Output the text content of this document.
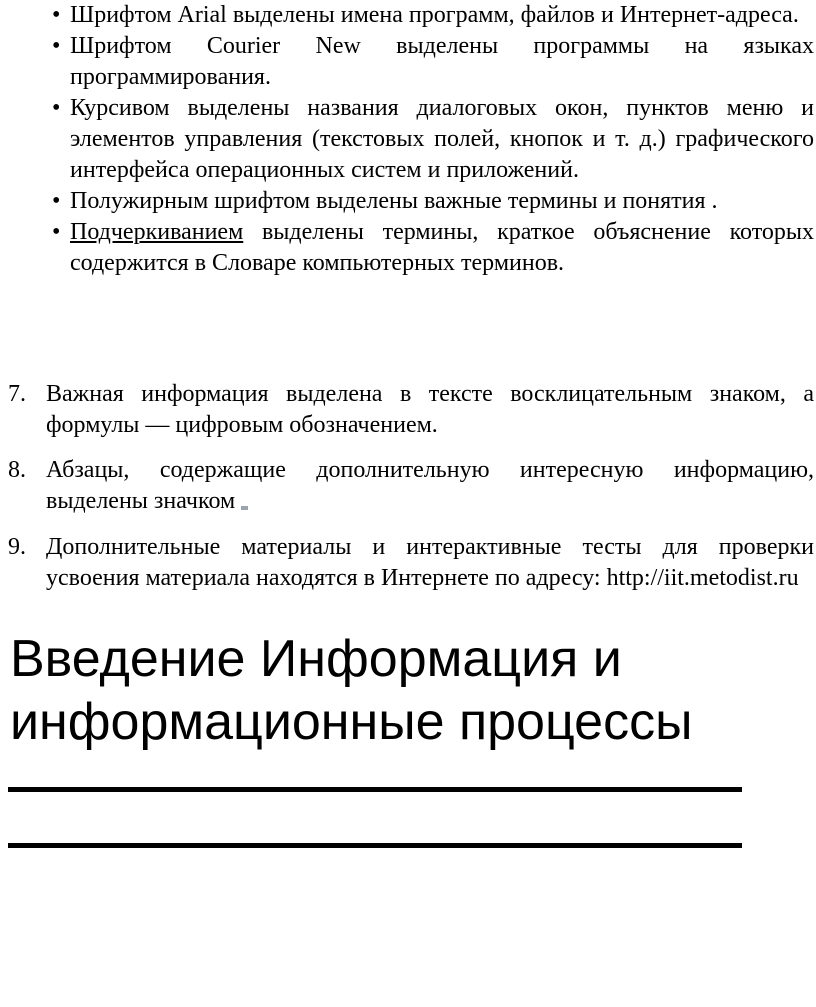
• Шрифтом Arial выделены имена программ, файлов и Интернет-адреса.
• Шрифтом Courier New выделены программы на языках программирования.
• Курсивом выделены названия диалоговых окон, пунктов меню и элементов управления (текстовых полей, кнопок и т. д.) графического интерфейса операционных систем и приложений.
• Полужирным шрифтом выделены важные термины и понятия .
• Подчеркиванием выделены термины, краткое объяснение которых содержится в Словаре компьютерных терминов.
7. Важная информация выделена в тексте восклицательным знаком, а формулы — цифровым обозначением.
8. Абзацы, содержащие дополнительную интересную информацию, выделены значком
9. Дополнительные материалы и интерактивные тесты для проверки усвоения материала находятся в Интернете по адресу: http://iit.metodist.ru
Введение Информация и информационные процессы
